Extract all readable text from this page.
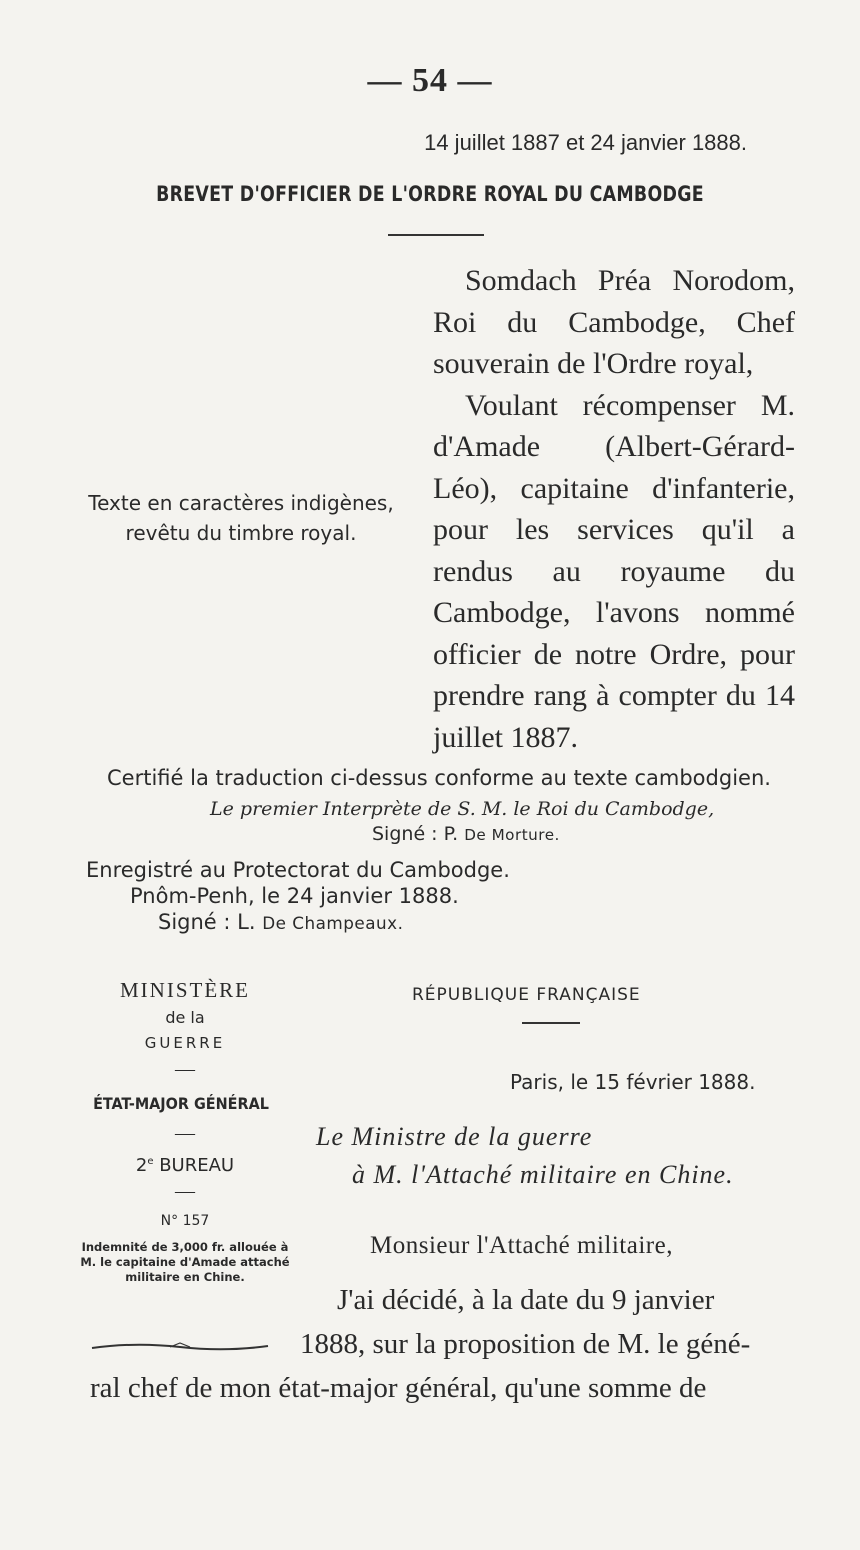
— 54 —
14 juillet 1887 et 24 janvier 1888.
BREVET D'OFFICIER DE L'ORDRE ROYAL DU CAMBODGE

Somdach Préa Norodom, Roi du Cambodge, Chef souverain de l'Ordre royal,

Voulant récompenser M. d'Amade (Albert-Gérard-Léo), capitaine d'infanterie, pour les services qu'il a rendus au royaume du Cambodge, l'avons nommé officier de notre Ordre, pour prendre rang à compter du 14 juillet 1887.

Texte en caractères indigènes, revêtu du timbre royal.
Certifié la traduction ci-dessus conforme au texte cambodgien.
Le premier Interprète de S. M. le Roi du Cambodge,
Signé : P. De Morture.
Enregistré au Protectorat du Cambodge.
Pnôm-Penh, le 24 janvier 1888.
Signé : L. De Champeaux.
MINISTÈRE
de la
GUERRE
—
ÉTAT-MAJOR GÉNÉRAL
—
2e BUREAU
—
N° 157
Indemnité de 3,000 fr. allouée à M. le capitaine d'Amade attaché militaire en Chine.
RÉPUBLIQUE FRANÇAISE
Paris, le 15 février 1888.
Le Ministre de la guerre
à M. l'Attaché militaire en Chine.
Monsieur l'Attaché militaire,
J'ai décidé, à la date du 9 janvier
1888, sur la proposition de M. le géné-
ral chef de mon état-major général, qu'une somme de
